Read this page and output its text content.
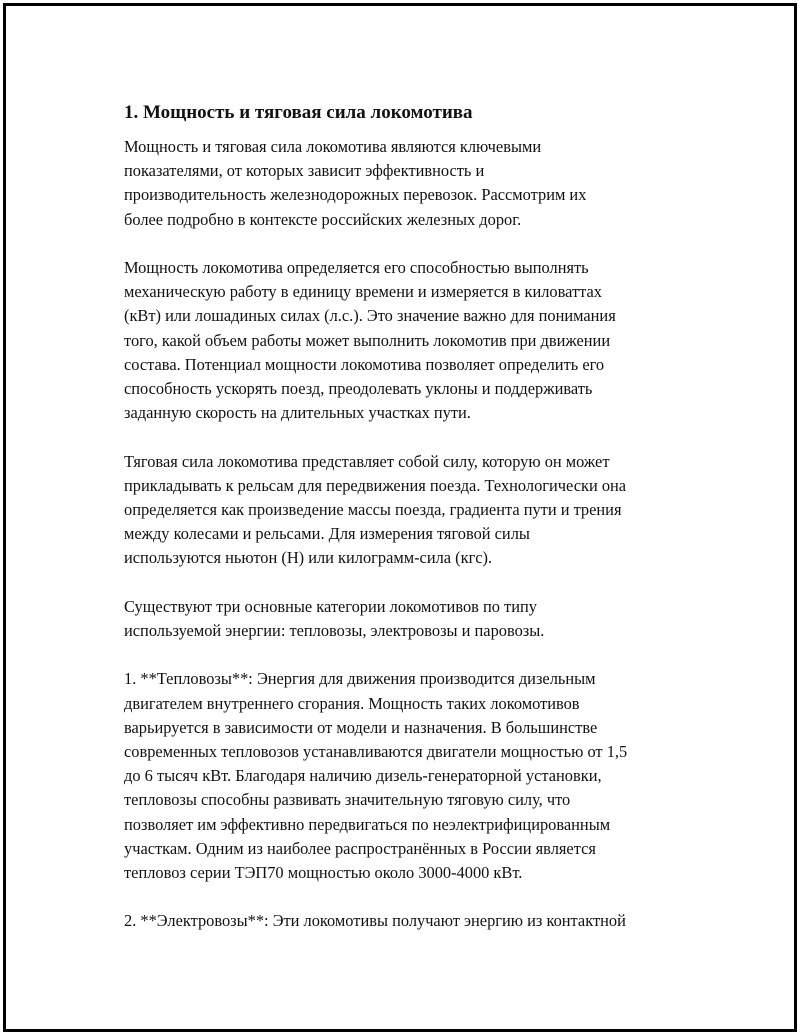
1. Мощность и тяговая сила локомотива

Мощность и тяговая сила локомотива являются ключевыми
показателями, от которых зависит эффективность и
производительность железнодорожных перевозок. Рассмотрим их
более подробно в контексте российских железных дорог.

Мощность локомотива определяется его способностью выполнять
механическую работу в единицу времени и измеряется в киловаттах
(кВт) или лошадиных силах (л.с.). Это значение важно для понимания
того, какой объем работы может выполнить локомотив при движении
состава. Потенциал мощности локомотива позволяет определить его
способность ускорять поезд, преодолевать уклоны и поддерживать
заданную скорость на длительных участках пути.

Тяговая сила локомотива представляет собой силу, которую он может
прикладывать к рельсам для передвижения поезда. Технологически она
определяется как произведение массы поезда, градиента пути и трения
между колесами и рельсами. Для измерения тяговой силы
используются ньютон (Н) или килограмм-сила (кгс).

Существуют три основные категории локомотивов по типу
используемой энергии: тепловозы, электровозы и паровозы.

1. **Тепловозы**: Энергия для движения производится дизельным
двигателем внутреннего сгорания. Мощность таких локомотивов
варьируется в зависимости от модели и назначения. В большинстве
современных тепловозов устанавливаются двигатели мощностью от 1,5
до 6 тысяч кВт. Благодаря наличию дизель-генераторной установки,
тепловозы способны развивать значительную тяговую силу, что
позволяет им эффективно передвигаться по неэлектрифицированным
участкам. Одним из наиболее распространённых в России является
тепловоз серии ТЭП70 мощностью около 3000-4000 кВт.

2. **Электровозы**: Эти локомотивы получают энергию из контактной
